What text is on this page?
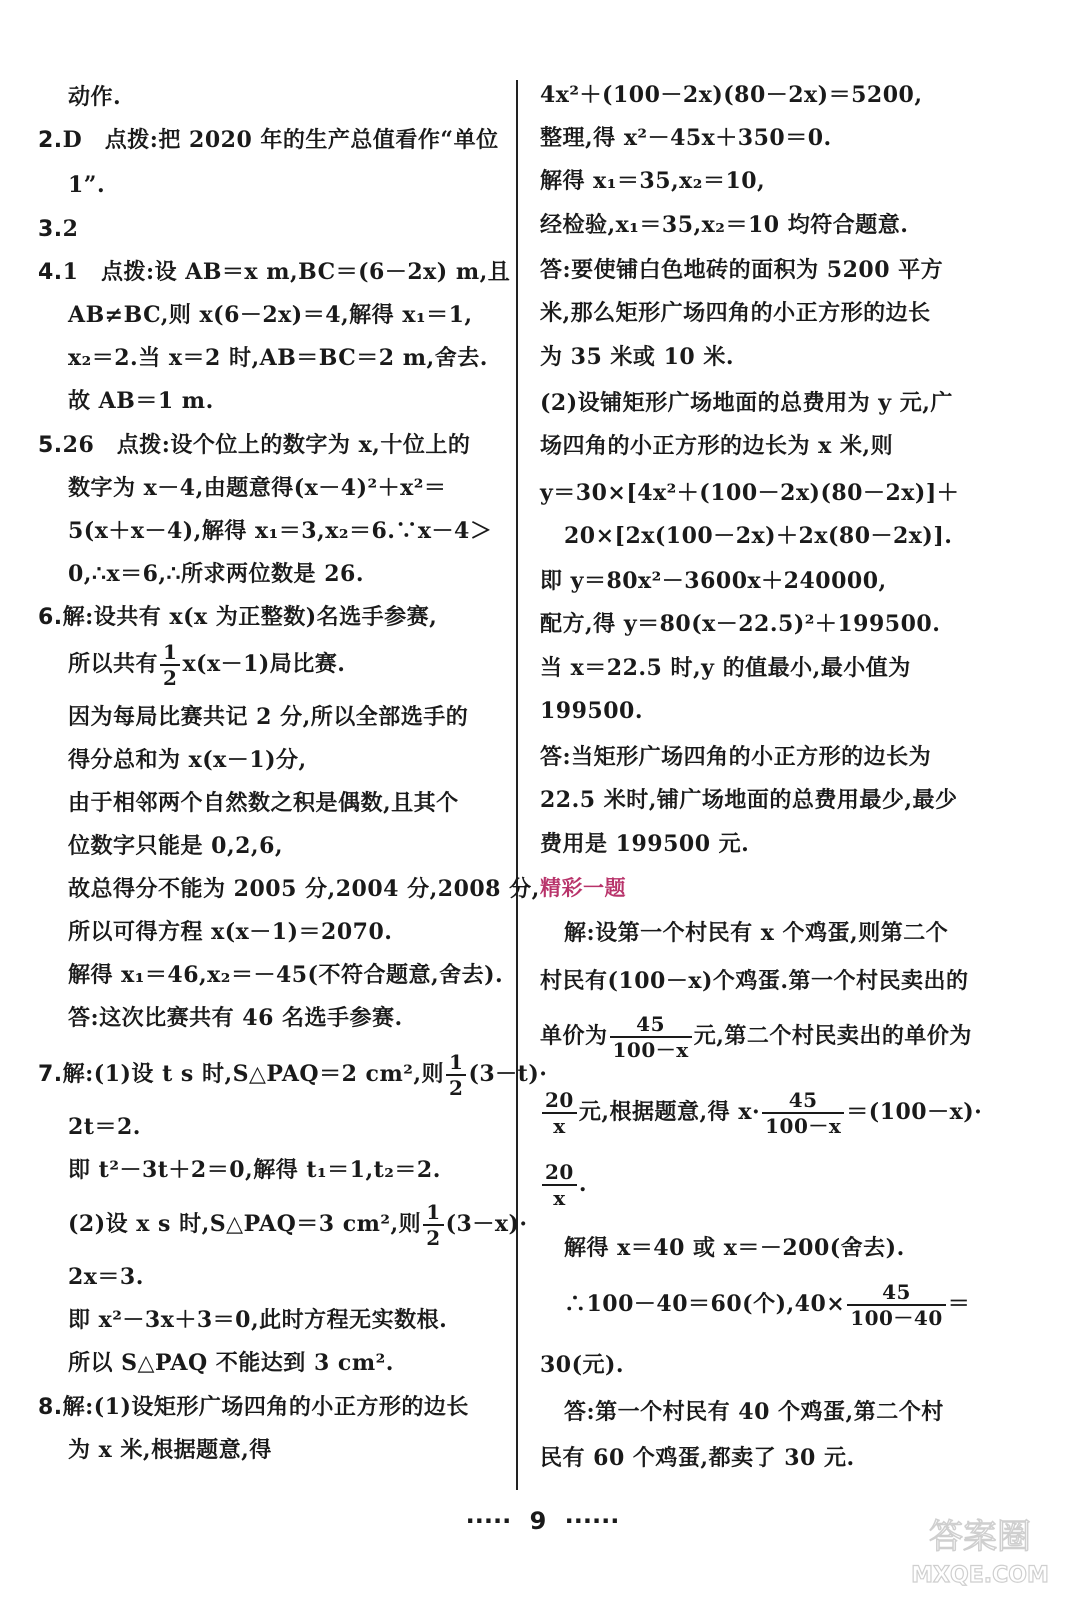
动作.
2.D　点拨:把 2020 年的生产总值看作“单位
1”.
3.2
4.1　点拨:设 AB＝x m,BC＝(6－2x) m,且
AB≠BC,则 x(6－2x)＝4,解得 x₁＝1,
x₂＝2.当 x＝2 时,AB＝BC＝2 m,舍去.
故 AB＝1 m.
5.26　点拨:设个位上的数字为 x,十位上的
数字为 x－4,由题意得(x－4)²＋x²＝
5(x＋x－4),解得 x₁＝3,x₂＝6.∵x－4＞
0,∴x＝6,∴所求两位数是 26.
6.解:设共有 x(x 为正整数)名选手参赛,
所以共有 $\frac{1}{2} x(x-1)$局比赛.
因为每局比赛共记 2 分,所以全部选手的
得分总和为 x(x－1)分,
由于相邻两个自然数之积是偶数,且其个
位数字只能是 0,2,6,
故总得分不能为 2005 分,2004 分,2008 分,
所以可得方程 x(x－1)＝2070.
解得 x₁＝46,x₂＝－45(不符合题意,舍去).
答:这次比赛共有 46 名选手参赛.
7.解:(1)设 t s 时,S△PAQ＝2 cm²,则 $\frac{1}{2} (3-t)\cdot$
2t＝2.
即 t²－3t＋2＝0,解得 t₁＝1,t₂＝2.
(2)设 x s 时,S△PAQ＝3 cm²,则 $\frac{1}{2} (3-x)\cdot$
2x＝3.
即 x²－3x＋3＝0,此时方程无实数根.
所以 S△PAQ 不能达到 3 cm².
8.解:(1)设矩形广场四角的小正方形的边长
为 x 米,根据题意,得
4x²＋(100－2x)(80－2x)＝5200,
整理,得 x²－45x＋350＝0.
解得 x₁＝35,x₂＝10,
经检验,x₁＝35,x₂＝10 均符合题意.
答:要使铺白色地砖的面积为 5200 平方
米,那么矩形广场四角的小正方形的边长
为 35 米或 10 米.
(2)设铺矩形广场地面的总费用为 y 元,广
场四角的小正方形的边长为 x 米,则
y＝30×[4x²＋(100－2x)(80－2x)]＋
20×[2x(100－2x)＋2x(80－2x)].
即 y＝80x²－3600x＋240000,
配方,得 y＝80(x－22.5)²＋199500.
当 x＝22.5 时,y 的值最小,最小值为
199500.
答:当矩形广场四角的小正方形的边长为
22.5 米时,铺广场地面的总费用最少,最少
费用是 199500 元.
精彩一题
解:设第一个村民有 x 个鸡蛋,则第二个
村民有(100－x)个鸡蛋.第一个村民卖出的
单价为 $\frac{45}{100-x}$ 元,第二个村民卖出的单价为
$\frac{20}{x}$ 元,根据题意,得 $x\cdot \frac{45}{100-x} =(100-x)\cdot$
$\frac{20}{x}$ .
解得 x＝40 或 x＝－200(舍去).
∴100－40＝60(个)$,40\times \frac{45}{100-40}$ ＝
30(元).
答:第一个村民有 40 个鸡蛋,第二个村
民有 60 个鸡蛋,都卖了 30 元.
····· 9 ······	答案圈
MXQE.COM
